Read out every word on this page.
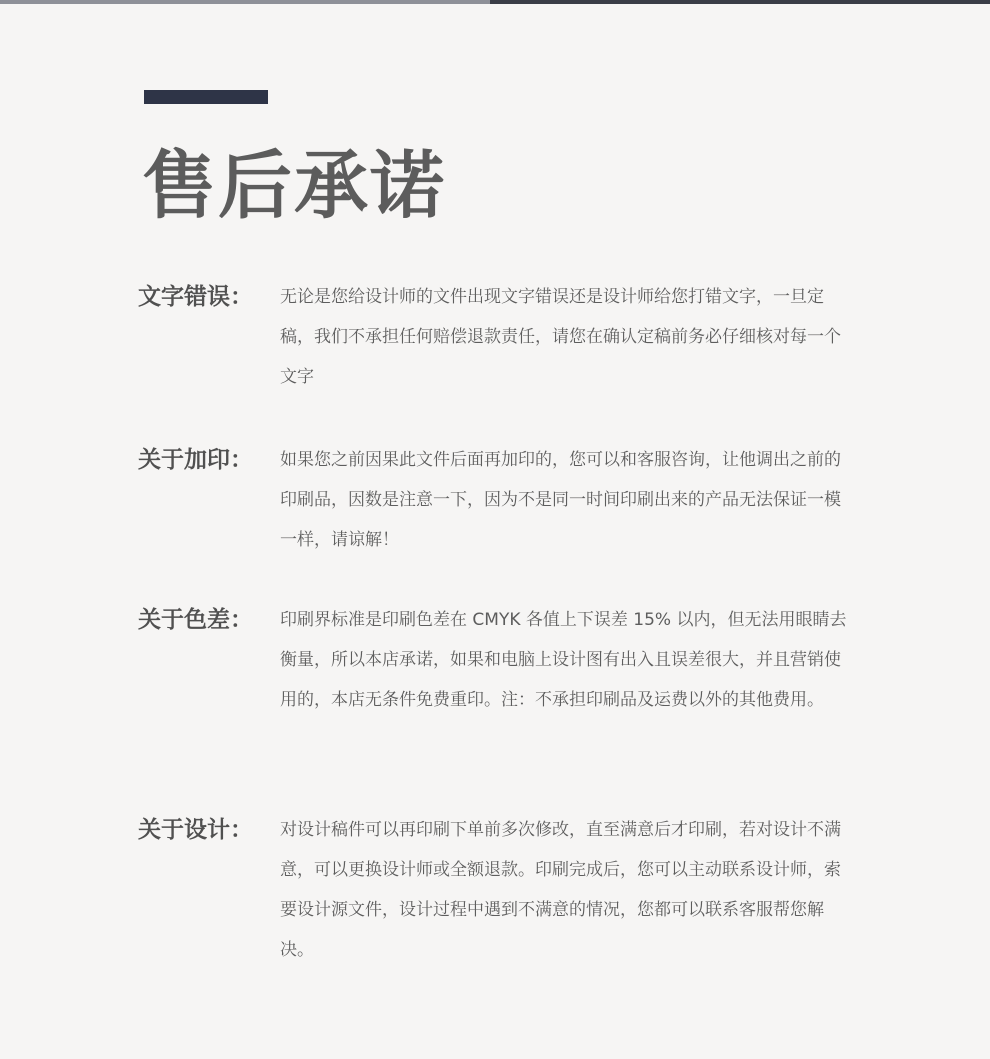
售后承诺
文字错误： 无论是您给设计师的文件出现文字错误还是设计师给您打错文字，一旦定稿，我们不承担任何赔偿退款责任，请您在确认定稿前务必仔细核对每一个文字

关于加印： 如果您之前因果此文件后面再加印的，您可以和客服咨询，让他调出之前的印刷品，因数是注意一下，因为不是同一时间印刷出来的产品无法保证一模一样，请谅解！

关于色差： 印刷界标准是印刷色差在 CMYK 各值上下误差 15% 以内，但无法用眼睛去衡量，所以本店承诺，如果和电脑上设计图有出入且误差很大，并且营销使用的，本店无条件免费重印。注：不承担印刷品及运费以外的其他费用。

关于设计： 对设计稿件可以再印刷下单前多次修改，直至满意后才印刷，若对设计不满意，可以更换设计师或全额退款。印刷完成后，您可以主动联系设计师，索要设计源文件，设计过程中遇到不满意的情况，您都可以联系客服帮您解决。
